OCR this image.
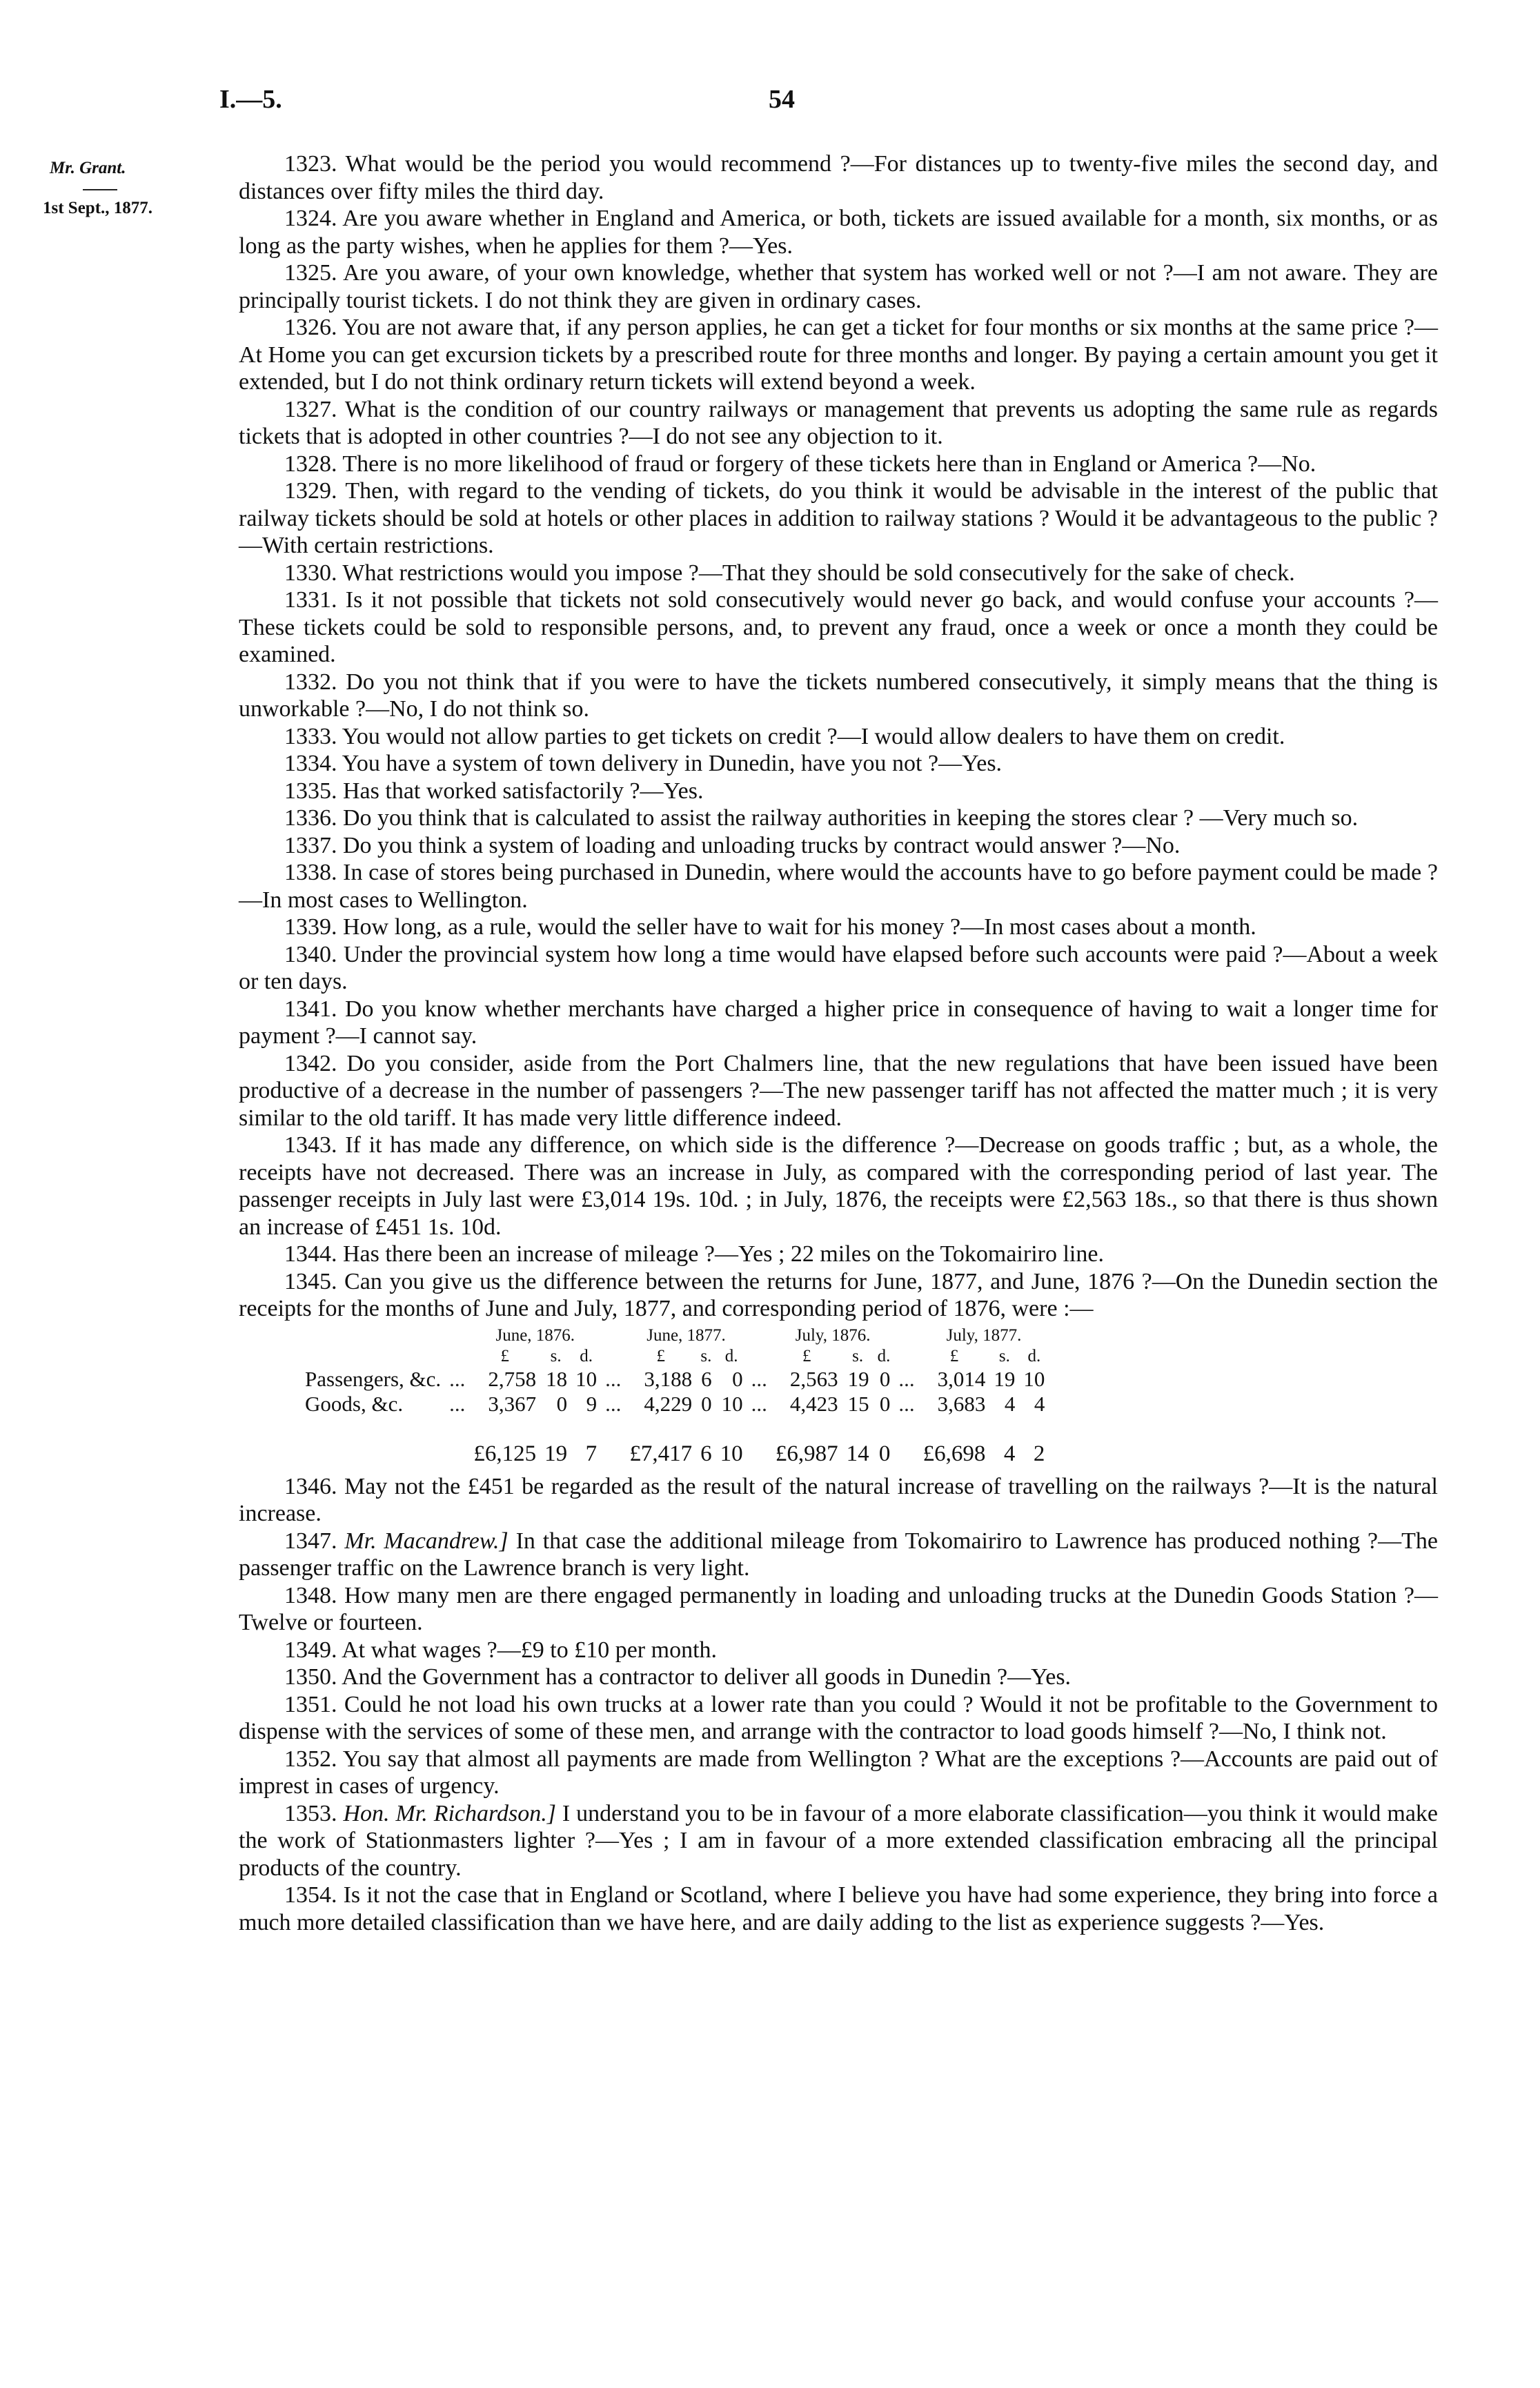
I.—5.	54
Mr. Grant.
1st Sept., 1877.

1323. What would be the period you would recommend ?—For distances up to twenty-five miles the second day, and distances over fifty miles the third day.

1324. Are you aware whether in England and America, or both, tickets are issued available for a month, six months, or as long as the party wishes, when he applies for them ?—Yes.

1325. Are you aware, of your own knowledge, whether that system has worked well or not ?—I am not aware. They are principally tourist tickets. I do not think they are given in ordinary cases.

1326. You are not aware that, if any person applies, he can get a ticket for four months or six months at the same price ?—At Home you can get excursion tickets by a prescribed route for three months and longer. By paying a certain amount you get it extended, but I do not think ordinary return tickets will extend beyond a week.

1327. What is the condition of our country railways or management that prevents us adopting the same rule as regards tickets that is adopted in other countries ?—I do not see any objection to it.

1328. There is no more likelihood of fraud or forgery of these tickets here than in England or America ?—No.

1329. Then, with regard to the vending of tickets, do you think it would be advisable in the interest of the public that railway tickets should be sold at hotels or other places in addition to railway stations ? Would it be advantageous to the public ?—With certain restrictions.

1330. What restrictions would you impose ?—That they should be sold consecutively for the sake of check.

1331. Is it not possible that tickets not sold consecutively would never go back, and would confuse your accounts ?—These tickets could be sold to responsible persons, and, to prevent any fraud, once a week or once a month they could be examined.

1332. Do you not think that if you were to have the tickets numbered consecutively, it simply means that the thing is unworkable ?—No, I do not think so.

1333. You would not allow parties to get tickets on credit ?—I would allow dealers to have them on credit.

1334. You have a system of town delivery in Dunedin, have you not ?—Yes.

1335. Has that worked satisfactorily ?—Yes.

1336. Do you think that is calculated to assist the railway authorities in keeping the stores clear ? —Very much so.

1337. Do you think a system of loading and unloading trucks by contract would answer ?—No.

1338. In case of stores being purchased in Dunedin, where would the accounts have to go before payment could be made ?—In most cases to Wellington.

1339. How long, as a rule, would the seller have to wait for his money ?—In most cases about a month.

1340. Under the provincial system how long a time would have elapsed before such accounts were paid ?—About a week or ten days.

1341. Do you know whether merchants have charged a higher price in consequence of having to wait a longer time for payment ?—I cannot say.

1342. Do you consider, aside from the Port Chalmers line, that the new regulations that have been issued have been productive of a decrease in the number of passengers ?—The new passenger tariff has not affected the matter much ; it is very similar to the old tariff. It has made very little difference indeed.

1343. If it has made any difference, on which side is the difference ?—Decrease on goods traffic ; but, as a whole, the receipts have not decreased. There was an increase in July, as compared with the corresponding period of last year. The passenger receipts in July last were £3,014 19s. 10d. ; in July, 1876, the receipts were £2,563 18s., so that there is thus shown an increase of £451 1s. 10d.

1344. Has there been an increase of mileage ?—Yes ; 22 miles on the Tokomairiro line.

1345. Can you give us the difference between the returns for June, 1877, and June, 1876 ?—On the Dunedin section the receipts for the months of June and July, 1877, and corresponding period of 1876, were :—

		June, 1876.				June, 1877.				July, 1876.				July, 1877.		
		£	s.	d.		£	s.	d.		£	s.	d.		£	s.	d.
Passengers, &c.	...	2,758	18	10	...	3,188	6	0	...	2,563	19	0	...	3,014	19	10
Goods, &c.	...	3,367	0	9	...	4,229	0	10	...	4,423	15	0	...	3,683	4	4
		£6,125	19	7		£7,417	6	10		£6,987	14	0		£6,698	4	2

1346. May not the £451 be regarded as the result of the natural increase of travelling on the railways ?—It is the natural increase.

1347. Mr. Macandrew.] In that case the additional mileage from Tokomairiro to Lawrence has produced nothing ?—The passenger traffic on the Lawrence branch is very light.

1348. How many men are there engaged permanently in loading and unloading trucks at the Dunedin Goods Station ?—Twelve or fourteen.

1349. At what wages ?—£9 to £10 per month.

1350. And the Government has a contractor to deliver all goods in Dunedin ?—Yes.

1351. Could he not load his own trucks at a lower rate than you could ? Would it not be profitable to the Government to dispense with the services of some of these men, and arrange with the contractor to load goods himself ?—No, I think not.

1352. You say that almost all payments are made from Wellington ? What are the exceptions ?—Accounts are paid out of imprest in cases of urgency.

1353. Hon. Mr. Richardson.] I understand you to be in favour of a more elaborate classification—you think it would make the work of Stationmasters lighter ?—Yes ; I am in favour of a more extended classification embracing all the principal products of the country.

1354. Is it not the case that in England or Scotland, where I believe you have had some experience, they bring into force a much more detailed classification than we have here, and are daily adding to the list as experience suggests ?—Yes.
